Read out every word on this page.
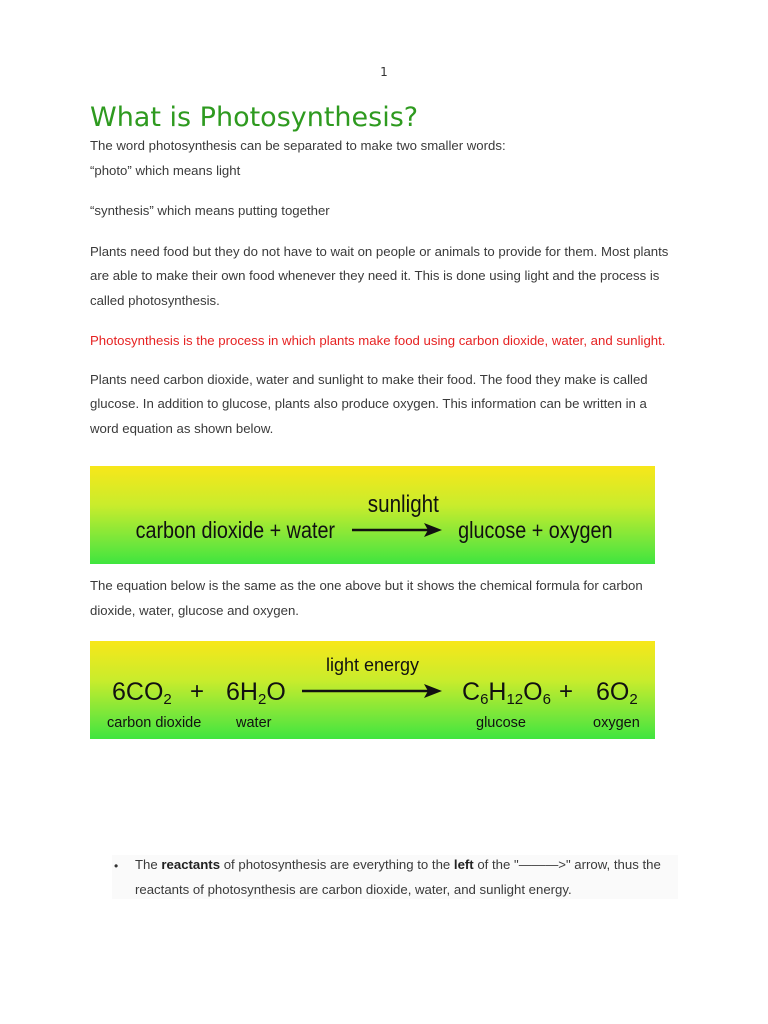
1
What is Photosynthesis?

The word photosynthesis can be separated to make two smaller words:

“photo” which means light

“synthesis” which means putting together

Plants need food but they do not have to wait on people or animals to provide for them. Most plants are able to make their own food whenever they need it. This is done using light and the process is called photosynthesis.

Photosynthesis is the process in which plants make food using carbon dioxide, water, and sunlight.

Plants need carbon dioxide, water and sunlight to make their food. The food they make is called glucose. In addition to glucose, plants also produce oxygen. This information can be written in a word equation as shown below.

carbon dioxide + water
sunlight
glucose + oxygen

The equation below is the same as the one above but it shows the chemical formula for carbon dioxide, water, glucose and oxygen.

light energy
6CO2
carbon dioxide
+ 6H2O
water
C6H12O6
glucose
+ 6O2
oxygen
• The reactants of photosynthesis are everything to the left of the "———>" arrow, thus the reactants of photosynthesis are carbon dioxide, water, and sunlight energy.
